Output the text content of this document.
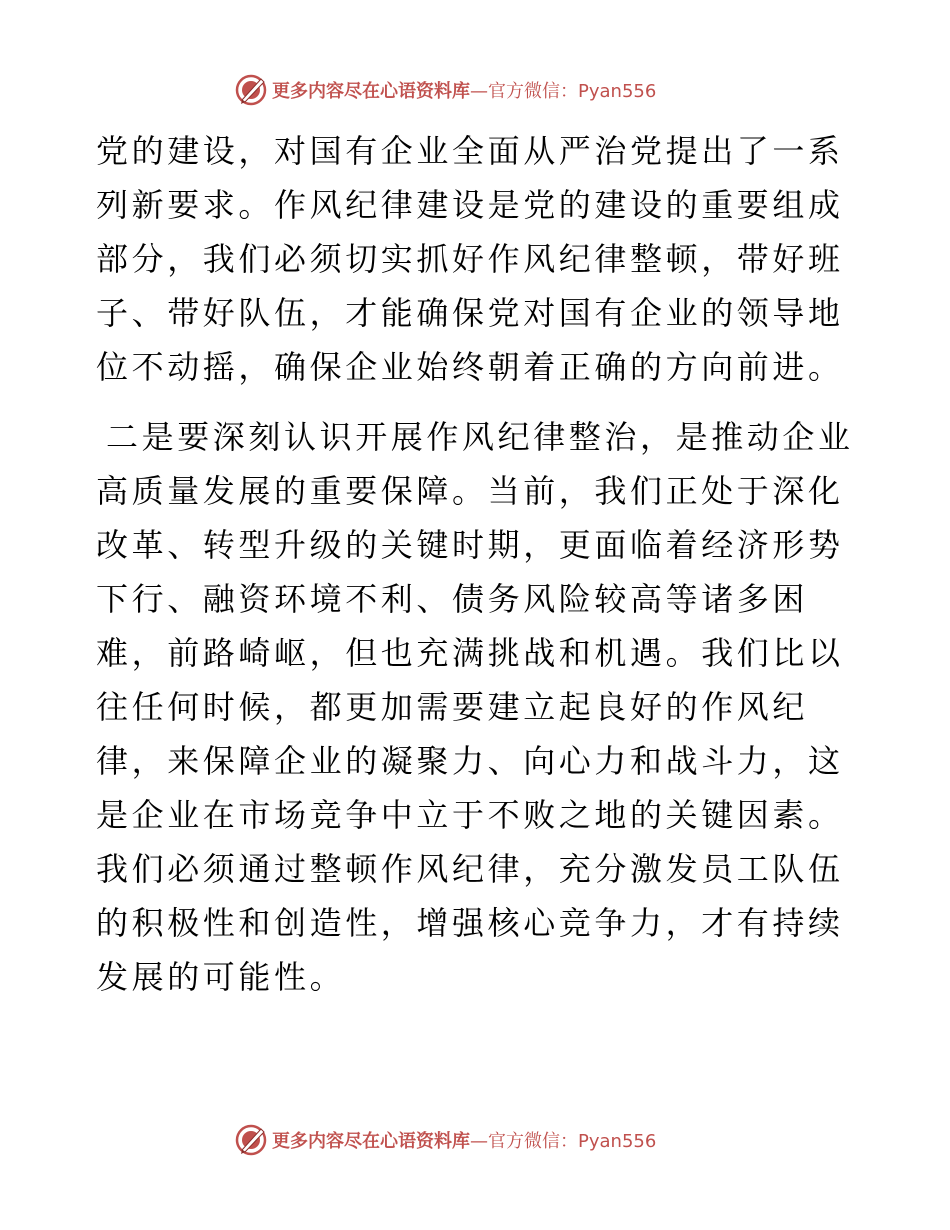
更多内容尽在心语资料库—官方微信：Pyan556

党的建设，对国有企业全面从严治党提出了一系列新要求。作风纪律建设是党的建设的重要组成部分，我们必须切实抓好作风纪律整顿，带好班子、带好队伍，才能确保党对国有企业的领导地位不动摇，确保企业始终朝着正确的方向前进。

二是要深刻认识开展作风纪律整治，是推动企业高质量发展的重要保障。当前，我们正处于深化改革、转型升级的关键时期，更面临着经济形势下行、融资环境不利、债务风险较高等诸多困难，前路崎岖，但也充满挑战和机遇。我们比以往任何时候，都更加需要建立起良好的作风纪律，来保障企业的凝聚力、向心力和战斗力，这是企业在市场竞争中立于不败之地的关键因素。我们必须通过整顿作风纪律，充分激发员工队伍的积极性和创造性，增强核心竞争力，才有持续发展的可能性。

更多内容尽在心语资料库—官方微信：Pyan556
